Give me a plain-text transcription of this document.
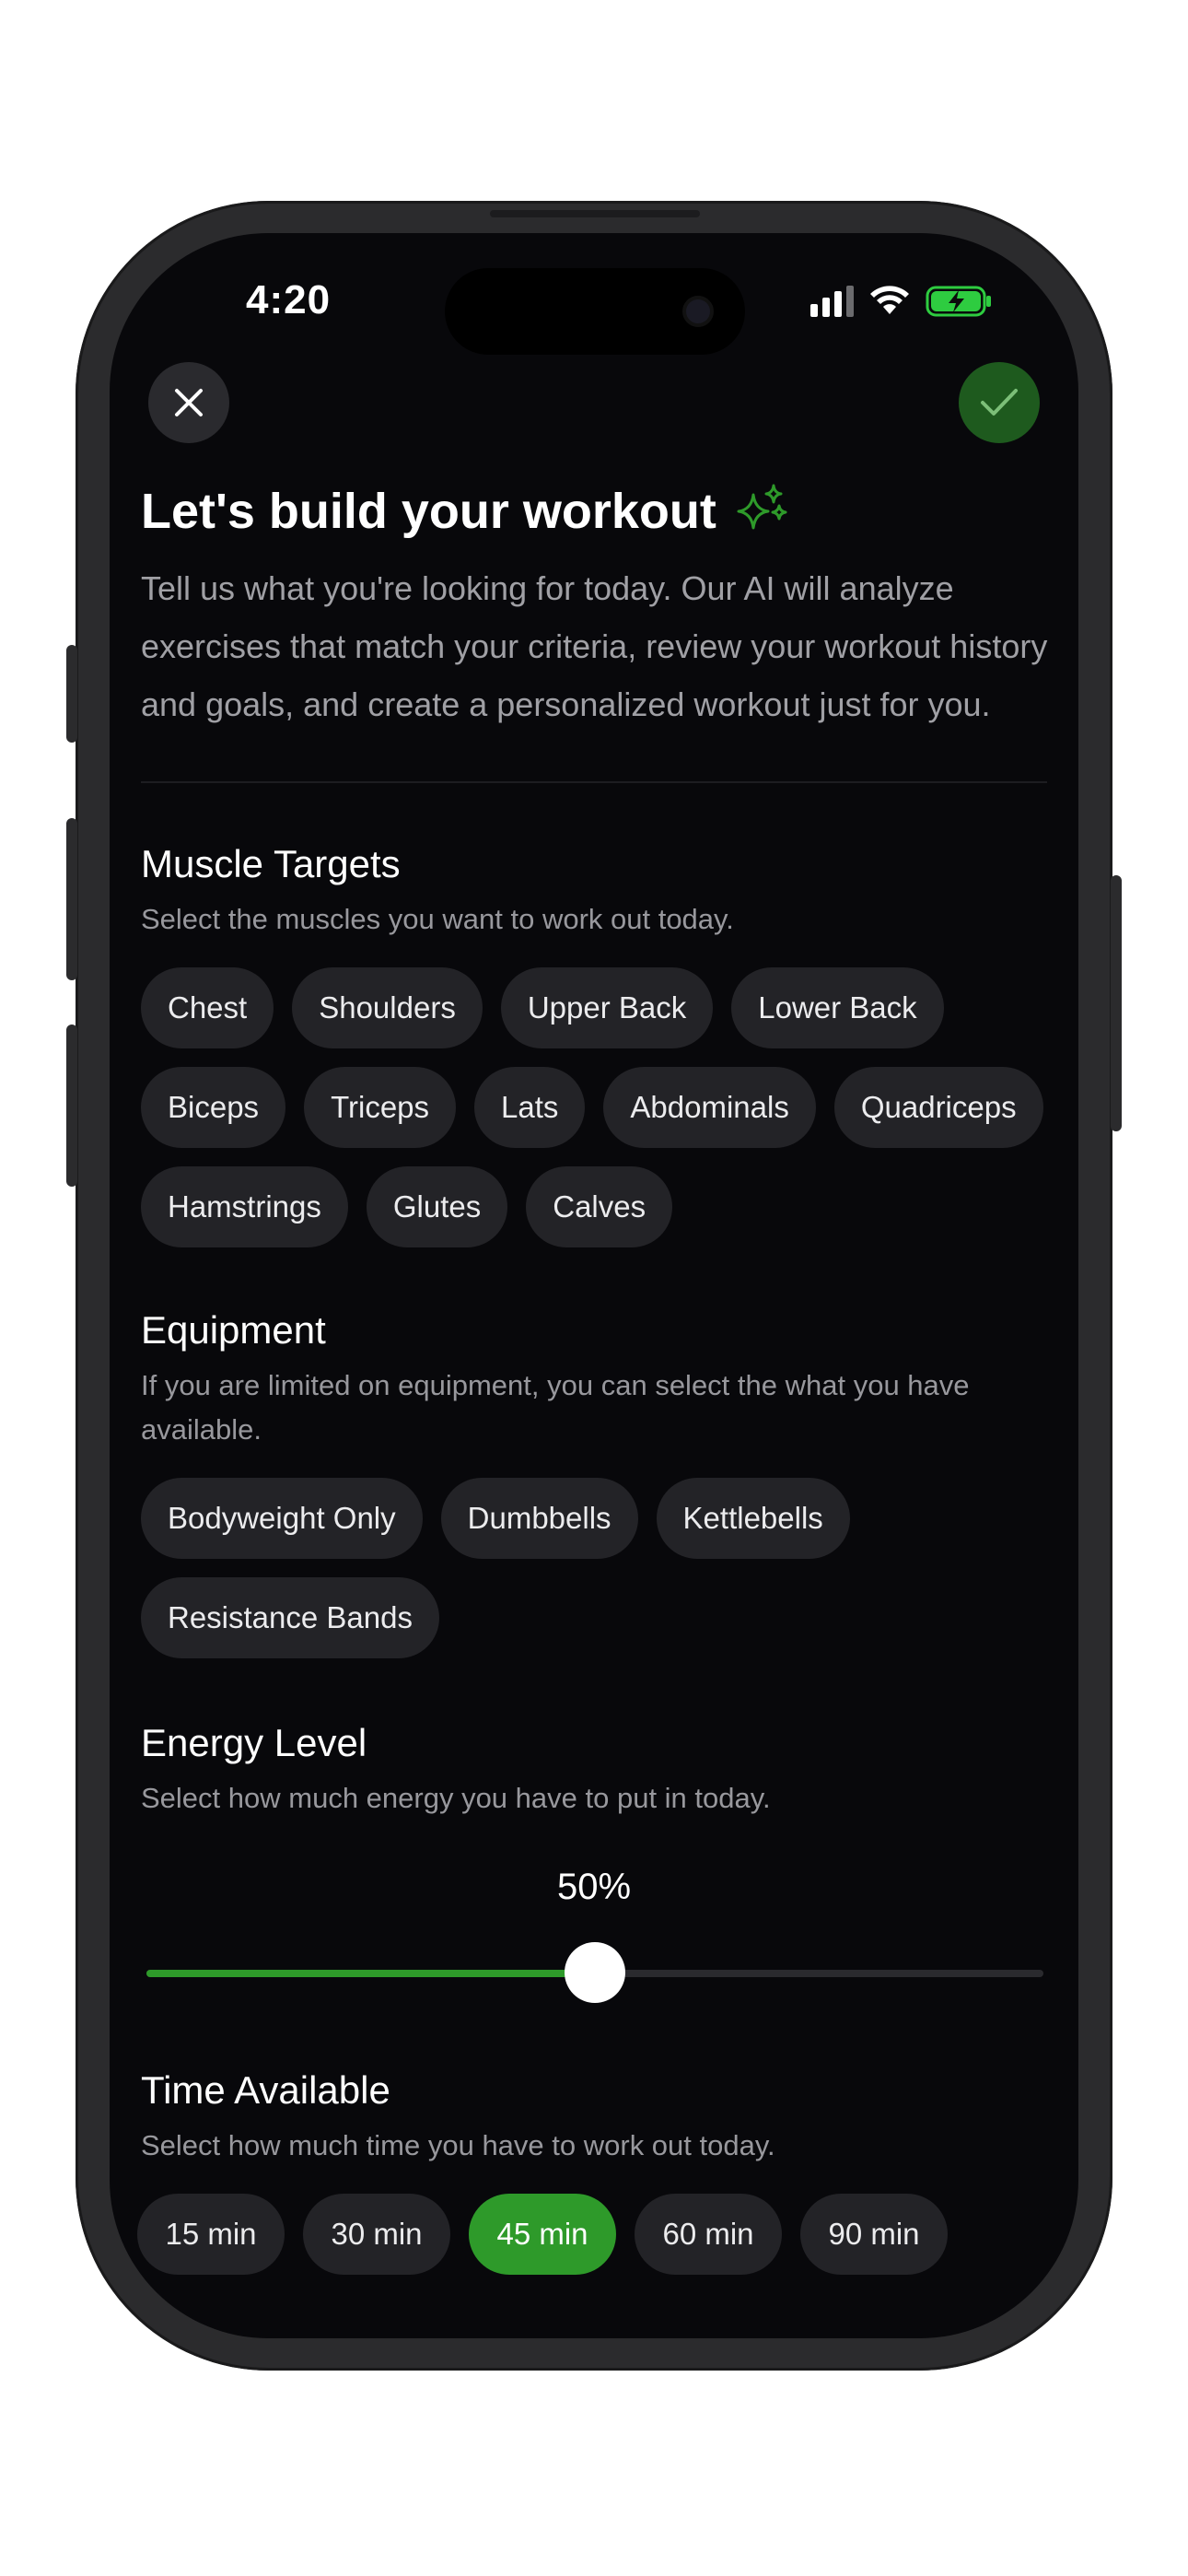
4:20
Let's build your workout

Tell us what you're looking for today. Our AI will analyze exercises that match your criteria, review your workout history and goals, and create a personalized workout just for you.

Muscle Targets

Select the muscles you want to work out today.

Chest	Shoulders	Upper Back	Lower Back
Biceps	Triceps	Lats	Abdominals	Quadriceps
Hamstrings	Glutes	Calves
Equipment

If you are limited on equipment, you can select the what you have available.

Bodyweight Only	Dumbbells	Kettlebells
Resistance Bands
Energy Level

Select how much energy you have to put in today.

50%
Time Available

Select how much time you have to work out today.

15 min	30 min	45 min	60 min	90 min
